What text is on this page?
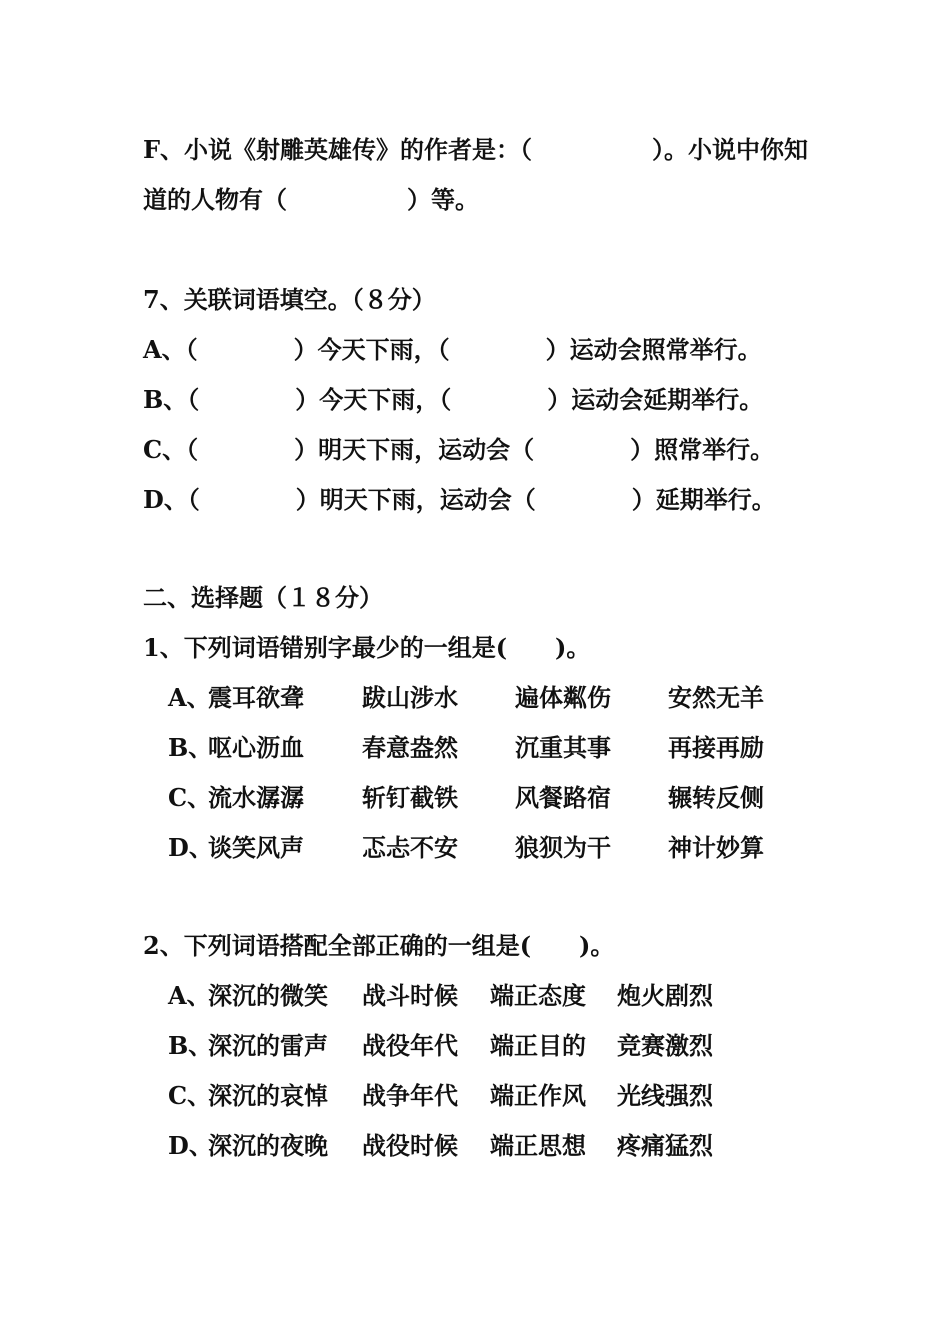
F、小说《射雕英雄传》的作者是：（　　　　　）。小说中你知
道的人物有（　　　　　）等。
7、关联词语填空。（８分）
A、（　　　　）今天下雨，（　　　　）运动会照常举行。
B、（　　　　）今天下雨，（　　　　）运动会延期举行。
C、（　　　　）明天下雨，运动会（　　　　）照常举行。
D、（　　　　）明天下雨，运动会（　　　　）延期举行。
二、选择题（１８分）
1、下列词语错别字最少的一组是(　　)。
A、
震耳欲聋 跋山涉水 遍体粼伤 安然无羊
B、
呕心沥血 春意盎然 沉重其事 再接再励
C、
流水潺潺 斩钉截铁 风餐路宿 辗转反侧
D、
谈笑风声 忑忐不安 狼狈为干 神计妙算
2、下列词语搭配全部正确的一组是(　　)。
A、
深沉的微笑 战斗时候 端正态度 炮火剧烈
B、
深沉的雷声 战役年代 端正目的 竞赛激烈
C、
深沉的哀悼 战争年代 端正作风 光线强烈
D、
深沉的夜晚 战役时候 端正思想 疼痛猛烈
